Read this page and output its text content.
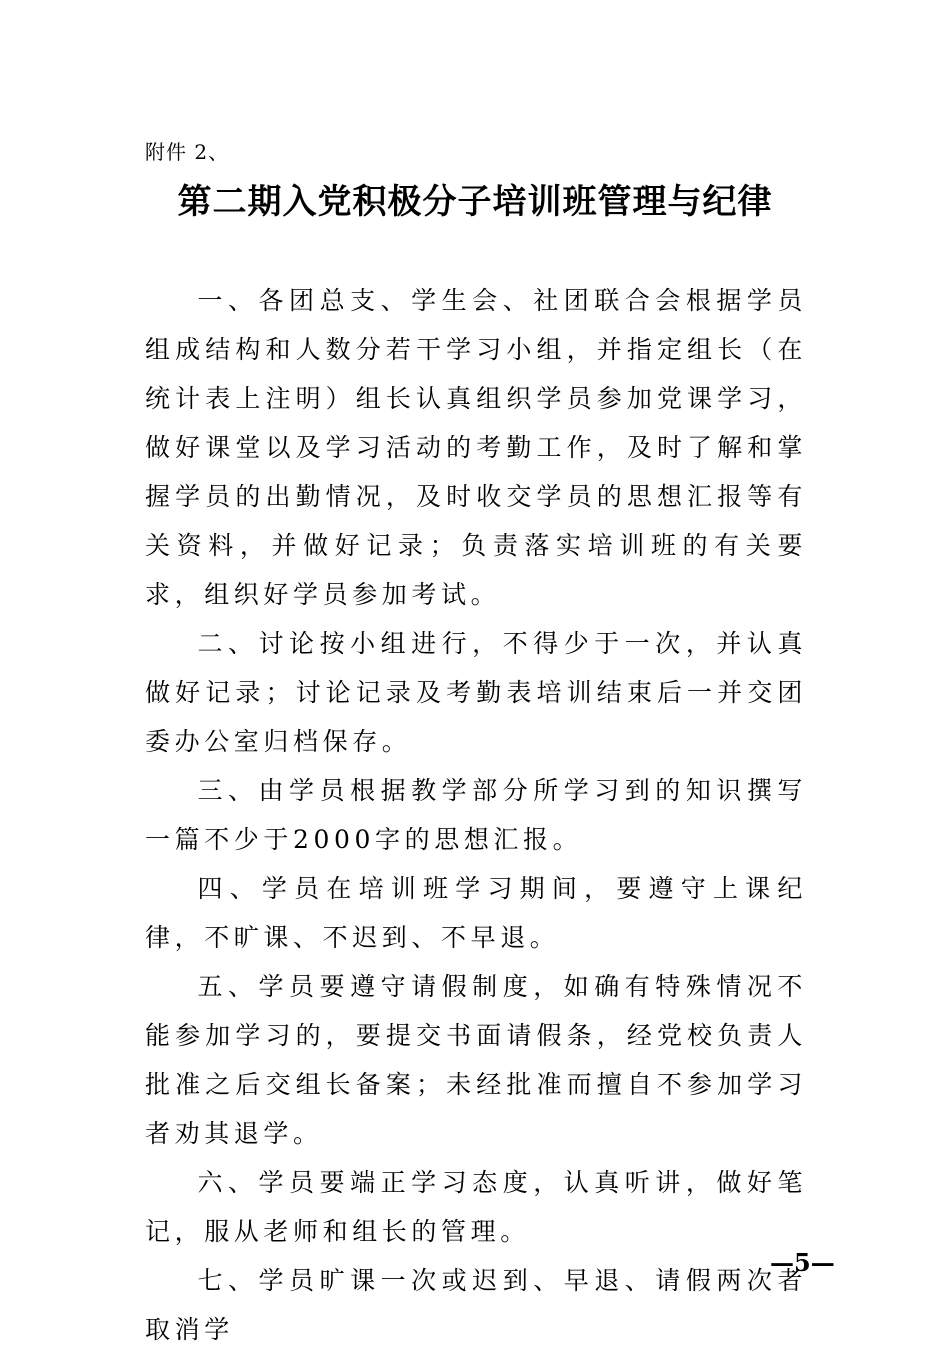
附件 2、
第二期入党积极分子培训班管理与纪律

一、各团总支、学生会、社团联合会根据学员组成结构和人数分若干学习小组，并指定组长（在统计表上注明）组长认真组织学员参加党课学习，做好课堂以及学习活动的考勤工作，及时了解和掌握学员的出勤情况，及时收交学员的思想汇报等有关资料，并做好记录；负责落实培训班的有关要求，组织好学员参加考试。

二、讨论按小组进行，不得少于一次，并认真做好记录；讨论记录及考勤表培训结束后一并交团委办公室归档保存。

三、由学员根据教学部分所学习到的知识撰写一篇不少于2000字的思想汇报。

四、学员在培训班学习期间，要遵守上课纪律，不旷课、不迟到、不早退。

五、学员要遵守请假制度，如确有特殊情况不能参加学习的，要提交书面请假条，经党校负责人批准之后交组长备案；未经批准而擅自不参加学习者劝其退学。

六、学员要端正学习态度，认真听讲，做好笔记，服从老师和组长的管理。

七、学员旷课一次或迟到、早退、请假两次者取消学

—5—
